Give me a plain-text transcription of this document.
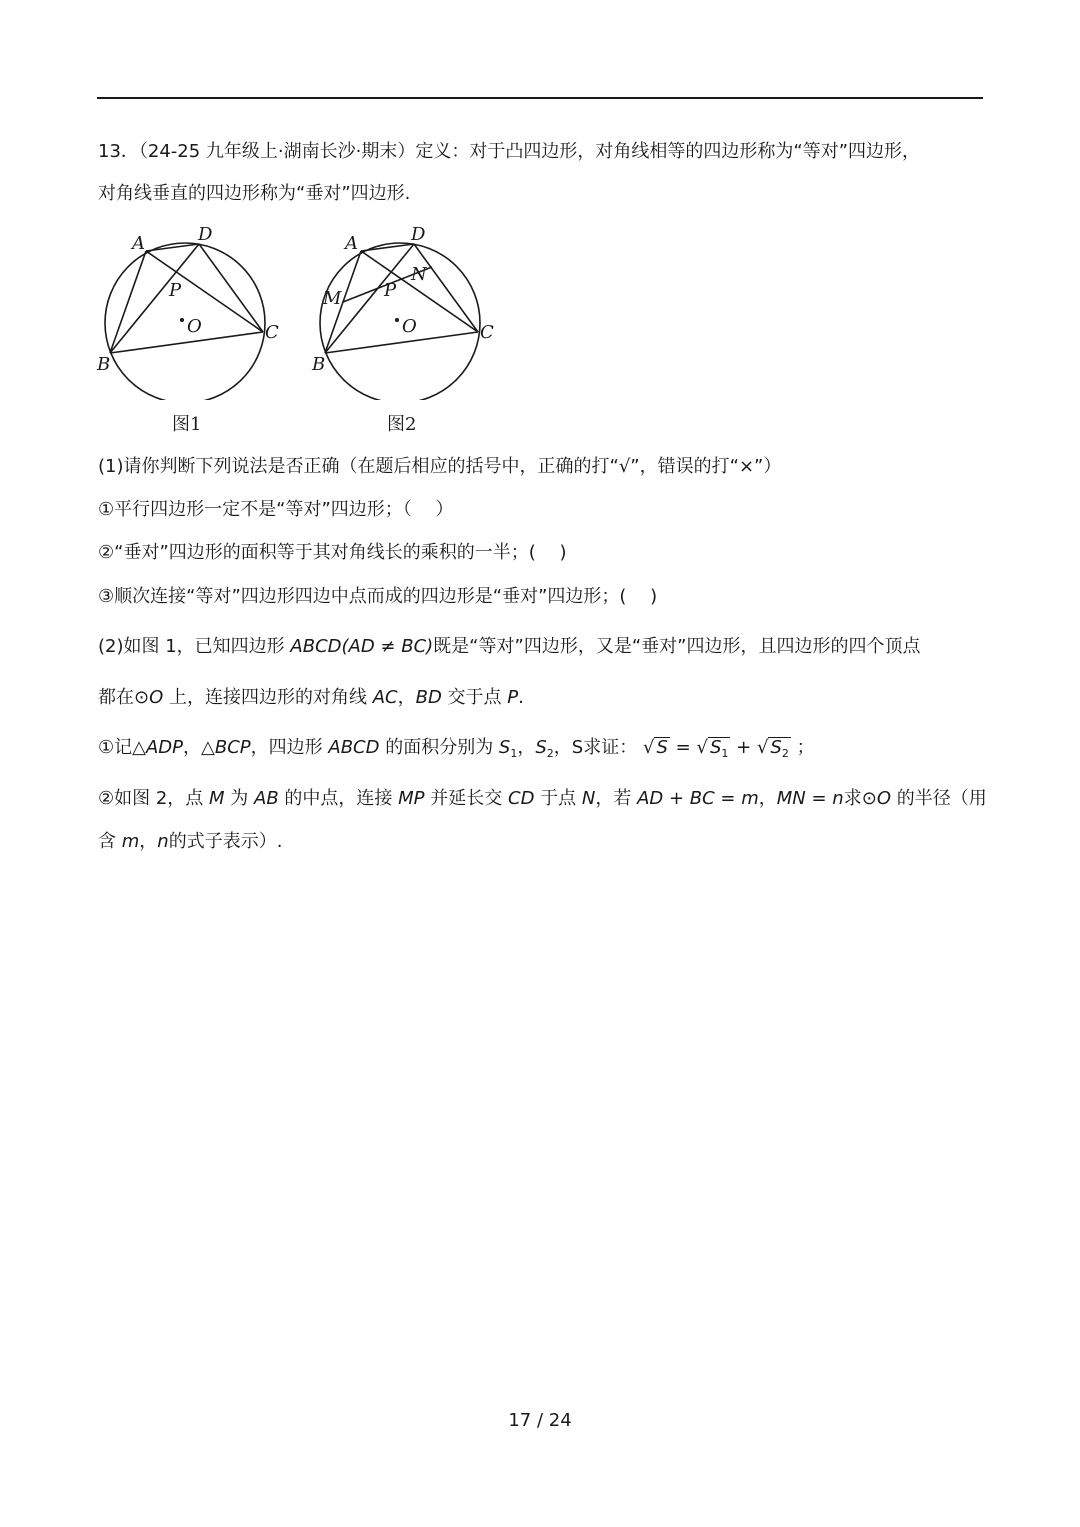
13．（24-25 九年级上·湖南长沙·期末）定义：对于凸四边形，对角线相等的四边形称为“等对”四边形，
对角线垂直的四边形称为“垂对”四边形.
A	D
P
O
B
C
图1
A	D
N
M P
O
B
C
图2
(1)请你判断下列说法是否正确（在题后相应的括号中，正确的打“√”，错误的打“×”）
①平行四边形一定不是“等对”四边形；（　 ）
②“垂对”四边形的面积等于其对角线长的乘积的一半；(　 )
③顺次连接“等对”四边形四边中点而成的四边形是“垂对”四边形；(　 )
(2)如图 1，已知四边形 ABCD(AD ≠ BC)既是“等对”四边形，又是“垂对”四边形，且四边形的四个顶点
都在⊙O 上，连接四边形的对角线 AC，BD 交于点 P.
①记△ADP，△BCP，四边形 ABCD 的面积分别为 $S_1$，$S_2$，S求证： √ S = √ $S_1$ + √ $S_2$ ；
②如图 2，点 M 为 AB 的中点，连接 MP 并延长交 CD 于点 N，若 AD + BC = m，MN = n求⊙O 的半径（用
含 m，n的式子表示）.
17 / 24
